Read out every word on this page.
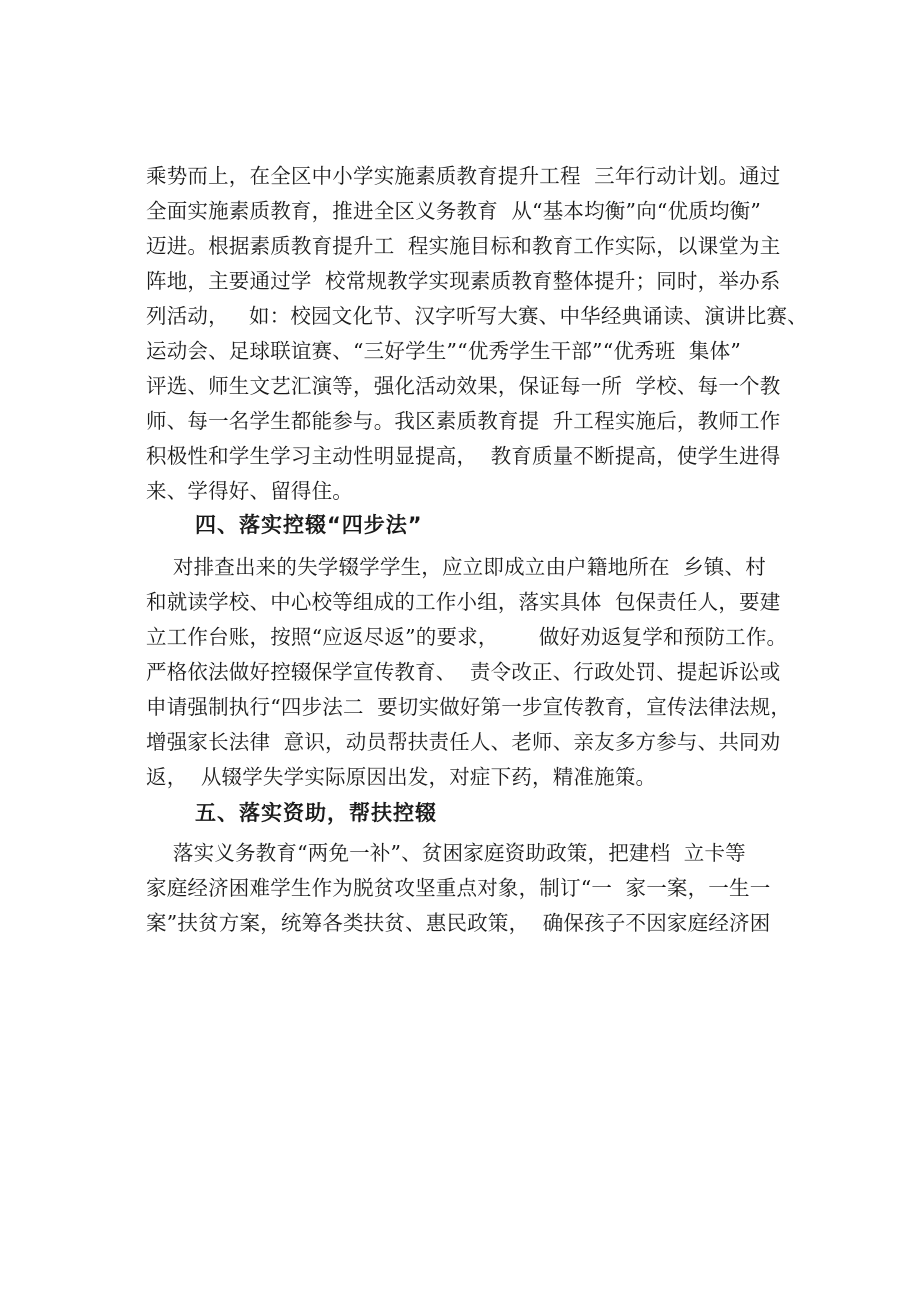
乘势而上，在全区中小学实施素质教育提升工程  三年行动计划。通过
全面实施素质教育，推进全区义务教育  从“基本均衡”向“优质均衡”
迈进。根据素质教育提升工  程实施目标和教育工作实际，以课堂为主
阵地，主要通过学  校常规教学实现素质教育整体提升；同时，举办系
列活动，   如：校园文化节、汉字听写大赛、中华经典诵读、演讲比赛、
运动会、足球联谊赛、“三好学生”“优秀学生干部”“优秀班  集体”
评选、师生文艺汇演等，强化活动效果，保证每一所  学校、每一个教
师、每一名学生都能参与。我区素质教育提  升工程实施后，教师工作
积极性和学生学习主动性明显提高，  教育质量不断提高，使学生进得
来、学得好、留得住。
四、落实控辍“四步法”
对排查出来的失学辍学学生，应立即成立由户籍地所在  乡镇、村
和就读学校、中心校等组成的工作小组，落实具体  包保责任人，要建
立工作台账，按照“应返尽返”的要求，      做好劝返复学和预防工作。
严格依法做好控辍保学宣传教育、  责令改正、行政处罚、提起诉讼或
申请强制执行“四步法二  要切实做好第一步宣传教育，宣传法律法规，
增强家长法律  意识，动员帮扶责任人、老师、亲友多方参与、共同劝
返，  从辍学失学实际原因出发，对症下药，精准施策。
五、落实资助，帮扶控辍
落实义务教育“两免一补”、贫困家庭资助政策，把建档  立卡等
家庭经济困难学生作为脱贫攻坚重点对象，制订“一  家一案，一生一
案”扶贫方案，统筹各类扶贫、惠民政策，  确保孩子不因家庭经济困
